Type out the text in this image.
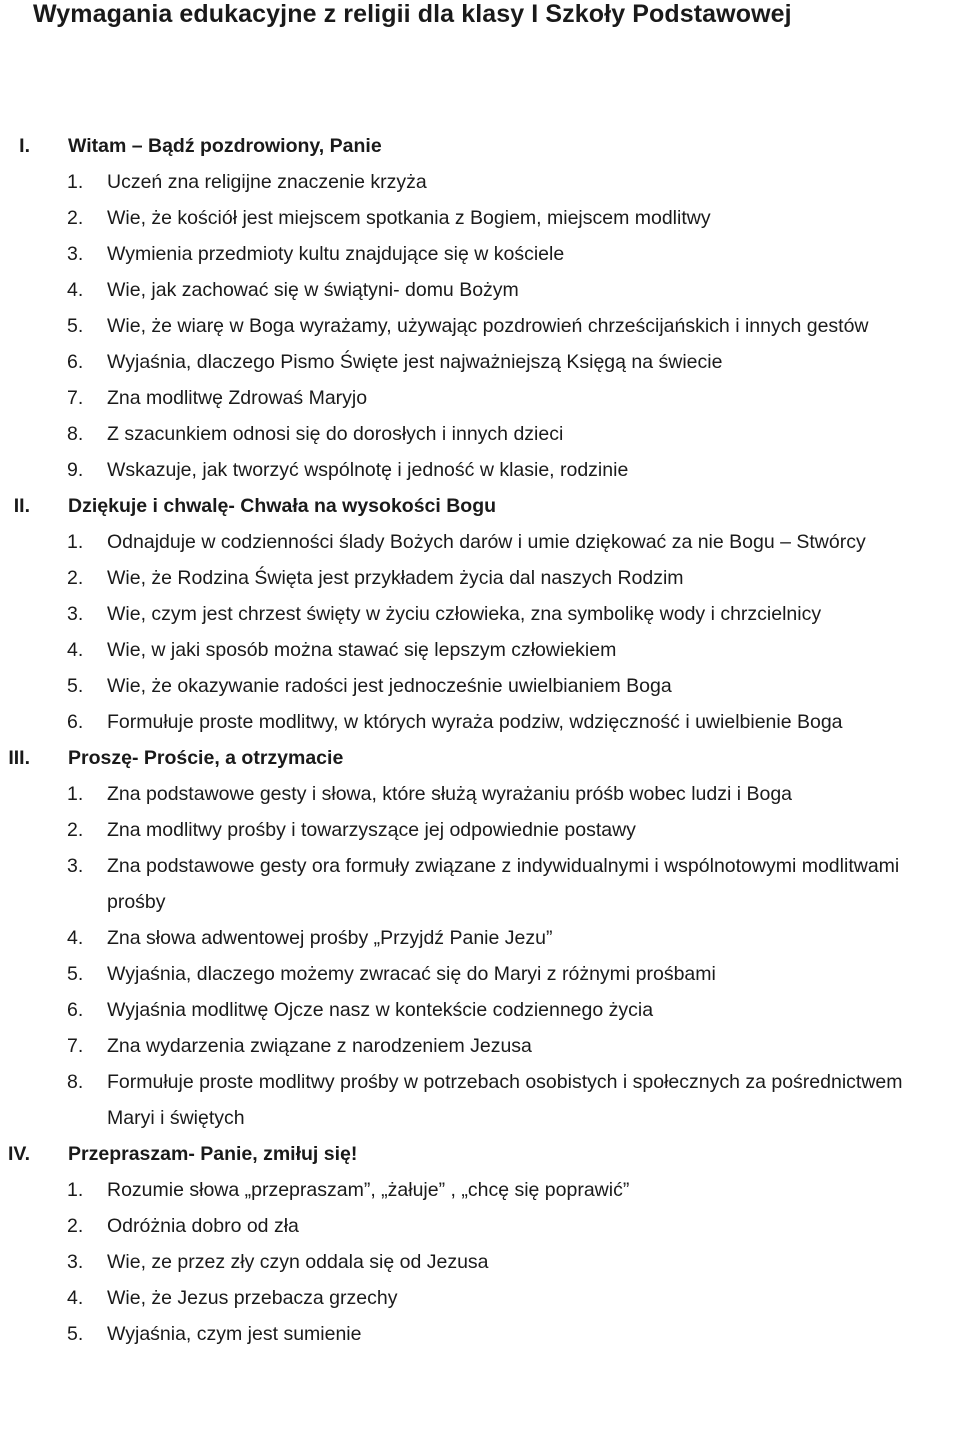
Wymagania edukacyjne z religii dla klasy I Szkoły Podstawowej
I. Witam – Bądź pozdrowiony, Panie
1. Uczeń zna religijne znaczenie krzyża
2. Wie, że kościół jest miejscem spotkania z Bogiem, miejscem modlitwy
3. Wymienia przedmioty kultu znajdujące się w kościele
4. Wie, jak zachować się w świątyni- domu Bożym
5. Wie, że wiarę w Boga wyrażamy, używając pozdrowień chrześcijańskich i innych gestów
6. Wyjaśnia, dlaczego Pismo Święte jest najważniejszą Księgą na świecie
7. Zna modlitwę Zdrowaś Maryjo
8. Z szacunkiem odnosi się do dorosłych i innych dzieci
9. Wskazuje, jak tworzyć wspólnotę i jedność w klasie, rodzinie
II. Dziękuje i chwalę- Chwała na wysokości Bogu
1. Odnajduje w codzienności ślady Bożych darów i umie dziękować za nie Bogu – Stwórcy
2. Wie, że Rodzina Święta jest przykładem życia dal naszych Rodzim
3. Wie, czym jest chrzest święty w życiu człowieka, zna symbolikę wody i chrzcielnicy
4. Wie, w jaki sposób można stawać się lepszym człowiekiem
5. Wie, że okazywanie radości jest jednocześnie uwielbianiem Boga
6. Formułuje proste modlitwy, w których wyraża podziw, wdzięczność i uwielbienie Boga
III. Proszę- Proście, a otrzymacie
1. Zna podstawowe gesty i słowa, które służą wyrażaniu próśb wobec ludzi i Boga
2. Zna modlitwy prośby i towarzyszące jej odpowiednie postawy
3. Zna podstawowe gesty ora formuły związane z indywidualnymi i wspólnotowymi modlitwami prośby
4. Zna słowa adwentowej prośby „Przyjdź Panie Jezu”
5. Wyjaśnia, dlaczego możemy zwracać się do Maryi z różnymi prośbami
6. Wyjaśnia modlitwę Ojcze nasz w kontekście codziennego życia
7. Zna wydarzenia związane z narodzeniem Jezusa
8. Formułuje proste modlitwy prośby w potrzebach osobistych i społecznych za pośrednictwem Maryi i świętych
IV. Przepraszam- Panie, zmiłuj się!
1. Rozumie słowa „przepraszam”, „żałuje” , „chcę się poprawić”
2. Odróżnia dobro od zła
3. Wie, ze przez zły czyn oddala się od Jezusa
4. Wie, że Jezus przebacza grzechy
5. Wyjaśnia, czym jest sumienie
